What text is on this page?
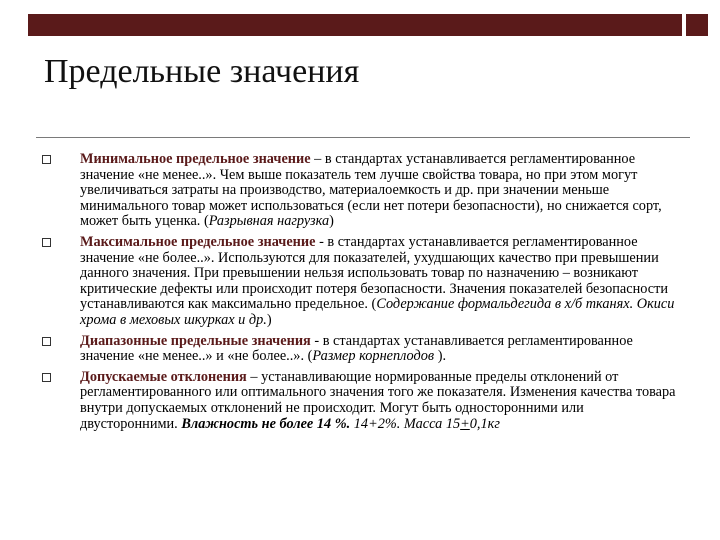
Предельные значения
Минимальное предельное значение – в стандартах устанавливается регламентированное значение «не менее..». Чем выше показатель тем лучше свойства товара, но при этом могут увеличиваться затраты на производство, материалоемкость и др. при значении меньше минимального товар может использоваться (если нет потери безопасности), но снижается сорт, может быть уценка. (Разрывная нагрузка)
Максимальное предельное значение - в стандартах устанавливается регламентированное значение «не более..». Используются для показателей, ухудшающих качество при превышении данного значения. При превышении нельзя использовать товар по назначению – возникают критические дефекты или происходит потеря безопасности. Значения показателей безопасности устанавливаются как максимально предельное. (Содержание формальдегида в х/б тканях. Окиси хрома в меховых шкурках и др.)
Диапазонные предельные значения - в стандартах устанавливается регламентированное значение «не менее..» и «не более..». (Размер корнеплодов ).
Допускаемые отклонения – устанавливающие нормированные пределы отклонений от регламентированного или оптимального значения того же показателя. Изменения качества товара внутри допускаемых отклонений не происходит. Могут быть односторонними или двусторонними. Влажность не более 14 %. 14+2%. Масса 15+0,1кг
